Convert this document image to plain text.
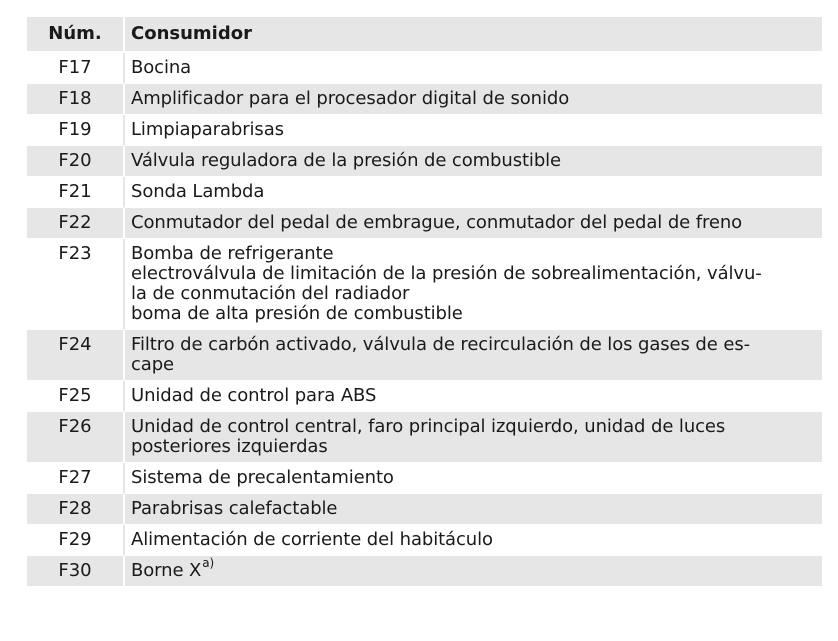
Núm.	Consumidor
F17	Bocina

F18	Amplificador para el procesador digital de sonido

F19	Limpiaparabrisas

F20	Válvula reguladora de la presión de combustible

F21	Sonda Lambda

F22	Conmutador del pedal de embrague, conmutador del pedal de freno

F23	Bomba de refrigerante
electroválvula de limitación de la presión de sobrealimentación, válvu-
la de conmutación del radiador
boma de alta presión de combustible

F24	Filtro de carbón activado, válvula de recirculación de los gases de es-
cape

F25	Unidad de control para ABS

F26	Unidad de control central, faro principal izquierdo, unidad de luces
posteriores izquierdas

F27	Sistema de precalentamiento

F28	Parabrisas calefactable

F29	Alimentación de corriente del habitáculo

F30	Borne X$^{a)}$
